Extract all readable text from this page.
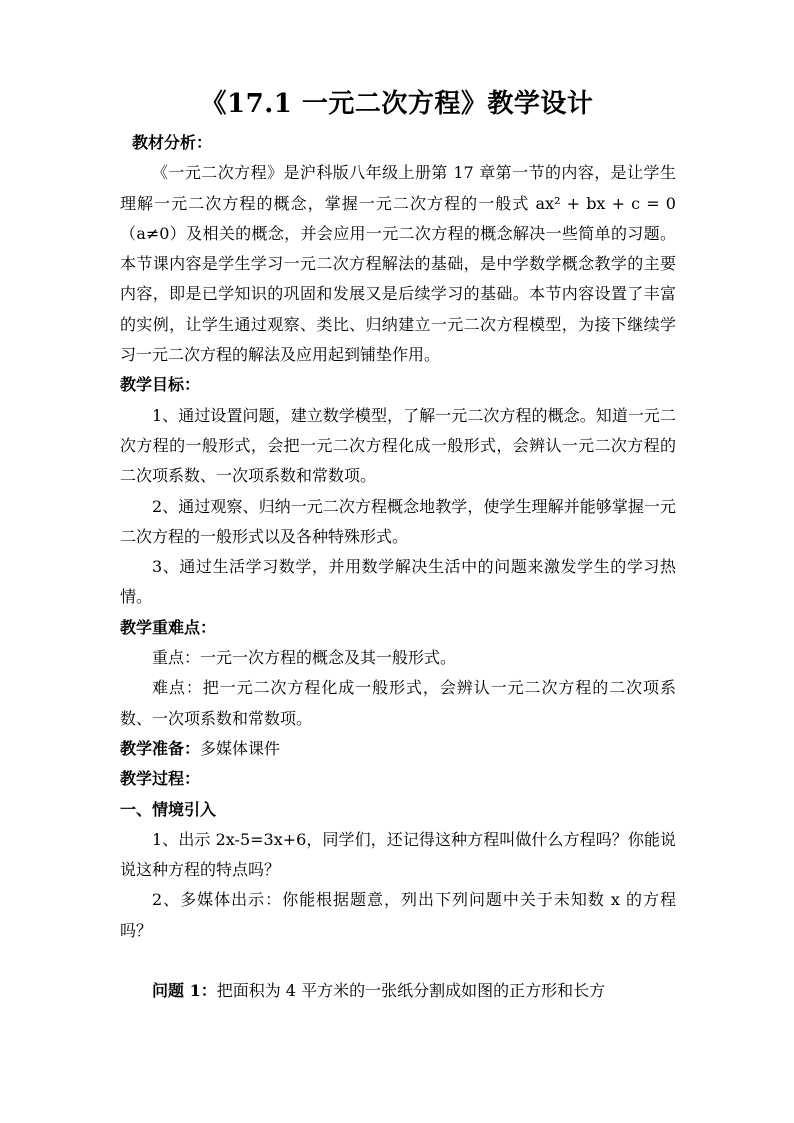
《17.1 一元二次方程》教学设计

教材分析：

《一元二次方程》是沪科版八年级上册第 17 章第一节的内容，是让学生理解一元二次方程的概念，掌握一元二次方程的一般式 ax² + bx + c = 0（a≠0）及相关的概念，并会应用一元二次方程的概念解决一些简单的习题。本节课内容是学生学习一元二次方程解法的基础，是中学数学概念教学的主要内容，即是已学知识的巩固和发展又是后续学习的基础。本节内容设置了丰富的实例，让学生通过观察、类比、归纳建立一元二次方程模型，为接下继续学习一元二次方程的解法及应用起到铺垫作用。

教学目标：

1、通过设置问题，建立数学模型，了解一元二次方程的概念。知道一元二次方程的一般形式，会把一元二次方程化成一般形式，会辨认一元二次方程的二次项系数、一次项系数和常数项。

2、通过观察、归纳一元二次方程概念地教学，使学生理解并能够掌握一元二次方程的一般形式以及各种特殊形式。

3、通过生活学习数学，并用数学解决生活中的问题来激发学生的学习热情。

教学重难点：

重点：一元一次方程的概念及其一般形式。

难点：把一元二次方程化成一般形式，会辨认一元二次方程的二次项系数、一次项系数和常数项。

教学准备：多媒体课件

教学过程：

一、情境引入

1、出示 2x-5=3x+6，同学们，还记得这种方程叫做什么方程吗？你能说说这种方程的特点吗？

2、多媒体出示：你能根据题意，列出下列问题中关于未知数 x 的方程吗？

问题 1：把面积为 4 平方米的一张纸分割成如图的正方形和长方
